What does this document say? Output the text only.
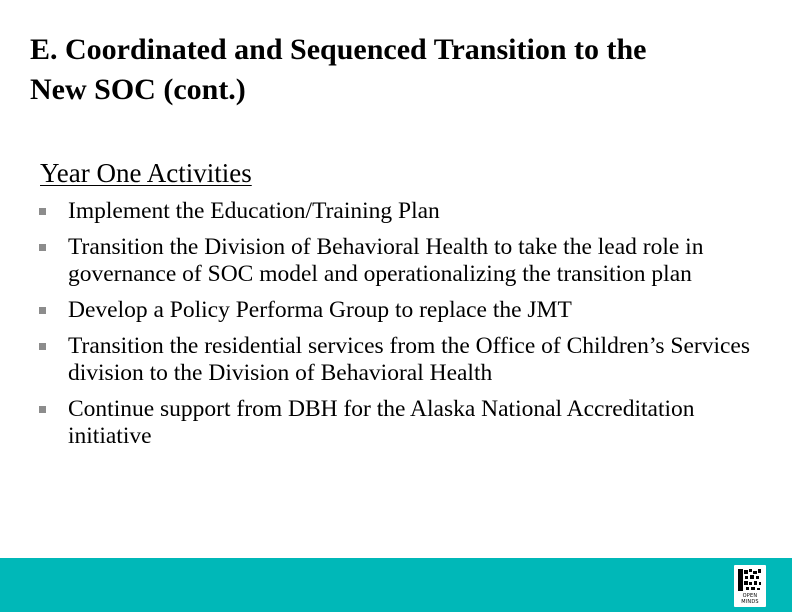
E. Coordinated and Sequenced Transition to the
New SOC (cont.)
Year One Activities
Implement the Education/Training Plan
Transition the Division of Behavioral Health to take the lead role in governance of SOC model and operationalizing the transition plan
Develop a Policy Performa Group to replace the JMT
Transition the residential services from the Office of Children’s Services division to the Division of Behavioral Health
Continue support from DBH for the Alaska National Accreditation initiative

OPEN
MINDS
